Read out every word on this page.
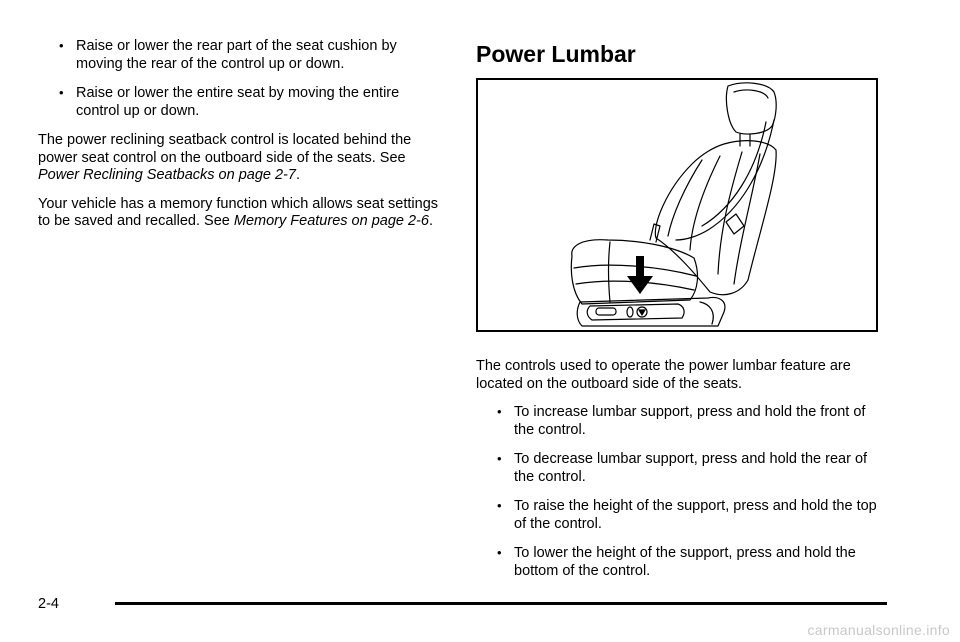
• Raise or lower the rear part of the seat cushion by moving the rear of the control up or down.
• Raise or lower the entire seat by moving the entire control up or down.

The power reclining seatback control is located behind the power seat control on the outboard side of the seats. See Power Reclining Seatbacks on page 2-7.

Your vehicle has a memory function which allows seat settings to be saved and recalled. See Memory Features on page 2-6.

Power Lumbar

The controls used to operate the power lumbar feature are located on the outboard side of the seats.

• To increase lumbar support, press and hold the front of the control.
• To decrease lumbar support, press and hold the rear of the control.
• To raise the height of the support, press and hold the top of the control.
• To lower the height of the support, press and hold the bottom of the control.
2-4
carmanualsonline.info
